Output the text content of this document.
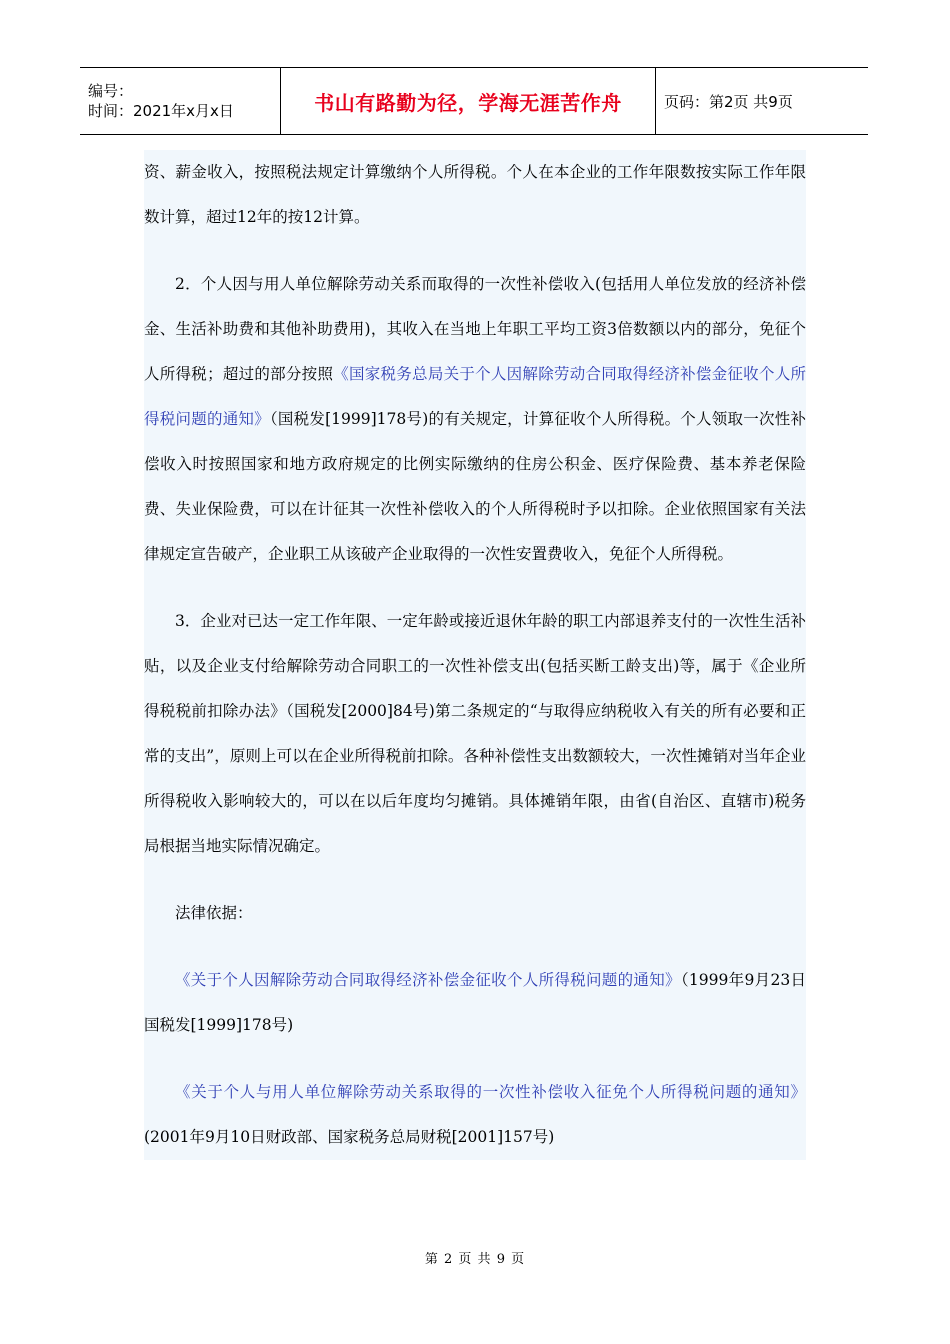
编号：
时间：2021年x月x日	书山有路勤为径，学海无涯苦作舟	页码：第2页 共9页

资、薪金收入，按照税法规定计算缴纳个人所得税。个人在本企业的工作年限数按实际工作年限数计算，超过12年的按12计算。

2．个人因与用人单位解除劳动关系而取得的一次性补偿收入(包括用人单位发放的经济补偿金、生活补助费和其他补助费用)，其收入在当地上年职工平均工资3倍数额以内的部分，免征个人所得税；超过的部分按照《国家税务总局关于个人因解除劳动合同取得经济补偿金征收个人所得税问题的通知》（国税发[1999]178号)的有关规定，计算征收个人所得税。个人领取一次性补偿收入时按照国家和地方政府规定的比例实际缴纳的住房公积金、医疗保险费、基本养老保险费、失业保险费，可以在计征其一次性补偿收入的个人所得税时予以扣除。企业依照国家有关法律规定宣告破产，企业职工从该破产企业取得的一次性安置费收入，免征个人所得税。

3．企业对已达一定工作年限、一定年龄或接近退休年龄的职工内部退养支付的一次性生活补贴，以及企业支付给解除劳动合同职工的一次性补偿支出(包括买断工龄支出)等，属于《企业所得税税前扣除办法》（国税发[2000]84号)第二条规定的“与取得应纳税收入有关的所有必要和正常的支出”，原则上可以在企业所得税前扣除。各种补偿性支出数额较大，一次性摊销对当年企业所得税收入影响较大的，可以在以后年度均匀摊销。具体摊销年限，由省(自治区、直辖市)税务局根据当地实际情况确定。

法律依据：

《关于个人因解除劳动合同取得经济补偿金征收个人所得税问题的通知》（1999年9月23日国税发[1999]178号)

《关于个人与用人单位解除劳动关系取得的一次性补偿收入征免个人所得税问题的通知》(2001年9月10日财政部、国家税务总局财税[2001]157号)

第 2 页 共 9 页
